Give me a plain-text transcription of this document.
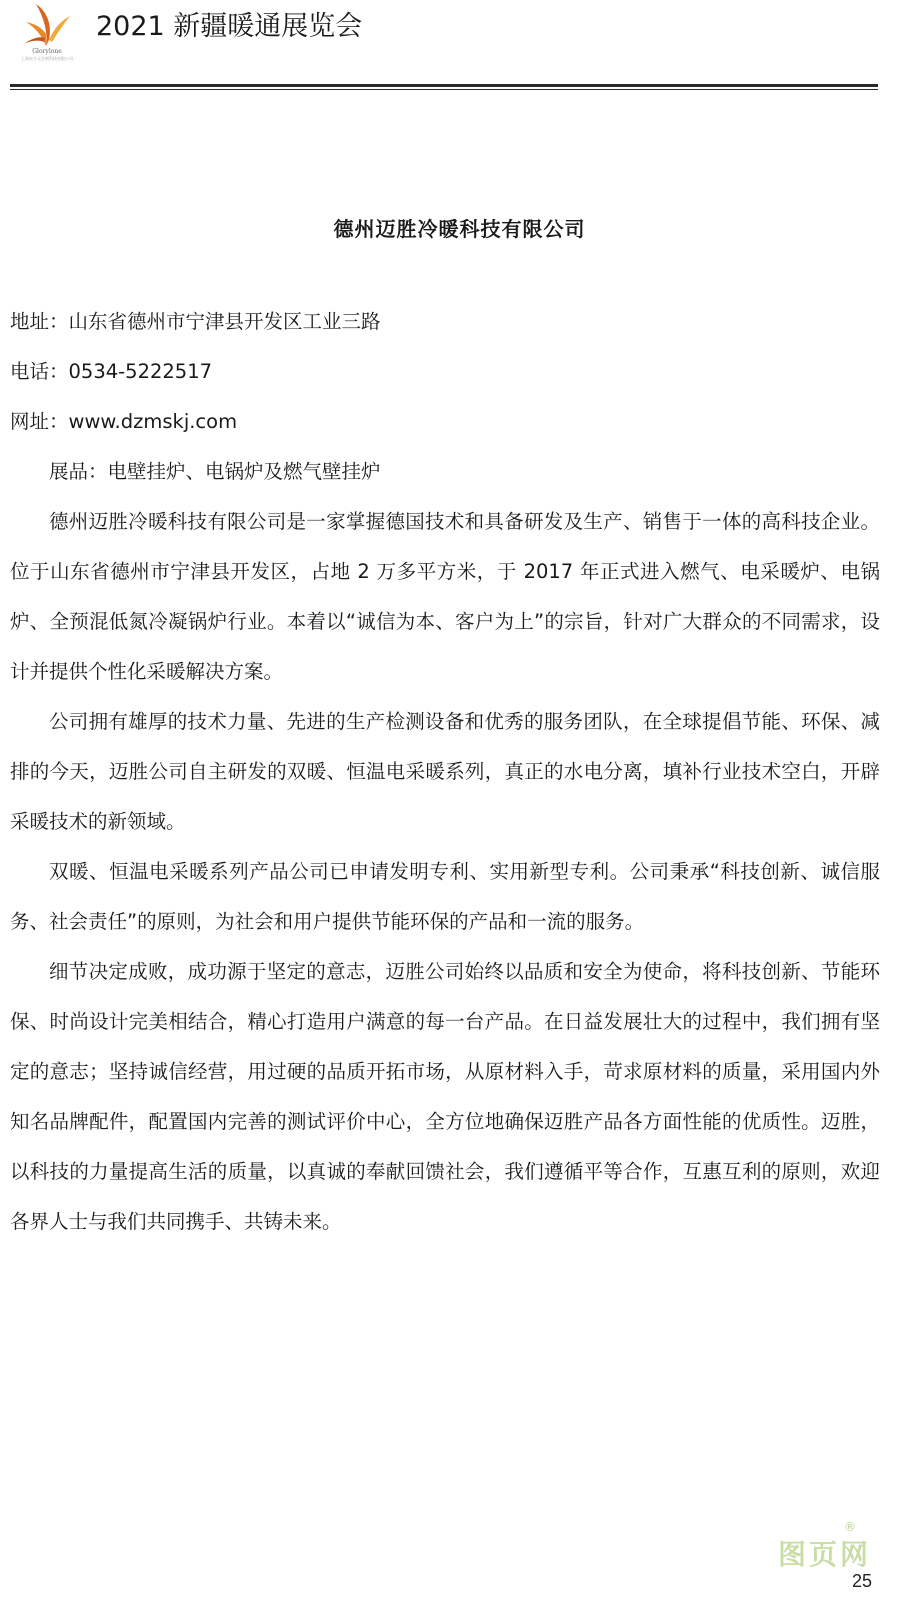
Glorylone
上海东方元会展科技有限公司
2021 新疆暖通展览会
德州迈胜冷暖科技有限公司

地址：山东省德州市宁津县开发区工业三路

电话：0534-5222517

网址：www.dzmskj.com

展品：电壁挂炉、电锅炉及燃气壁挂炉

德州迈胜冷暖科技有限公司是一家掌握德国技术和具备研发及生产、销售于一体的高科技企业。位于山东省德州市宁津县开发区，占地 2 万多平方米，于 2017 年正式进入燃气、电采暖炉、电锅炉、全预混低氮冷凝锅炉行业。本着以“诚信为本、客户为上”的宗旨，针对广大群众的不同需求，设计并提供个性化采暖解决方案。

公司拥有雄厚的技术力量、先进的生产检测设备和优秀的服务团队，在全球提倡节能、环保、减排的今天，迈胜公司自主研发的双暖、恒温电采暖系列，真正的水电分离，填补行业技术空白，开辟采暖技术的新领域。

双暖、恒温电采暖系列产品公司已申请发明专利、实用新型专利。公司秉承“科技创新、诚信服务、社会责任”的原则，为社会和用户提供节能环保的产品和一流的服务。

细节决定成败，成功源于坚定的意志，迈胜公司始终以品质和安全为使命，将科技创新、节能环保、时尚设计完美相结合，精心打造用户满意的每一台产品。在日益发展壮大的过程中，我们拥有坚定的意志；坚持诚信经营，用过硬的品质开拓市场，从原材料入手，苛求原材料的质量，采用国内外知名品牌配件，配置国内完善的测试评价中心，全方位地确保迈胜产品各方面性能的优质性。迈胜，以科技的力量提高生活的质量，以真诚的奉献回馈社会，我们遵循平等合作，互惠互利的原则，欢迎各界人士与我们共同携手、共铸未来。

®
图页网
25
